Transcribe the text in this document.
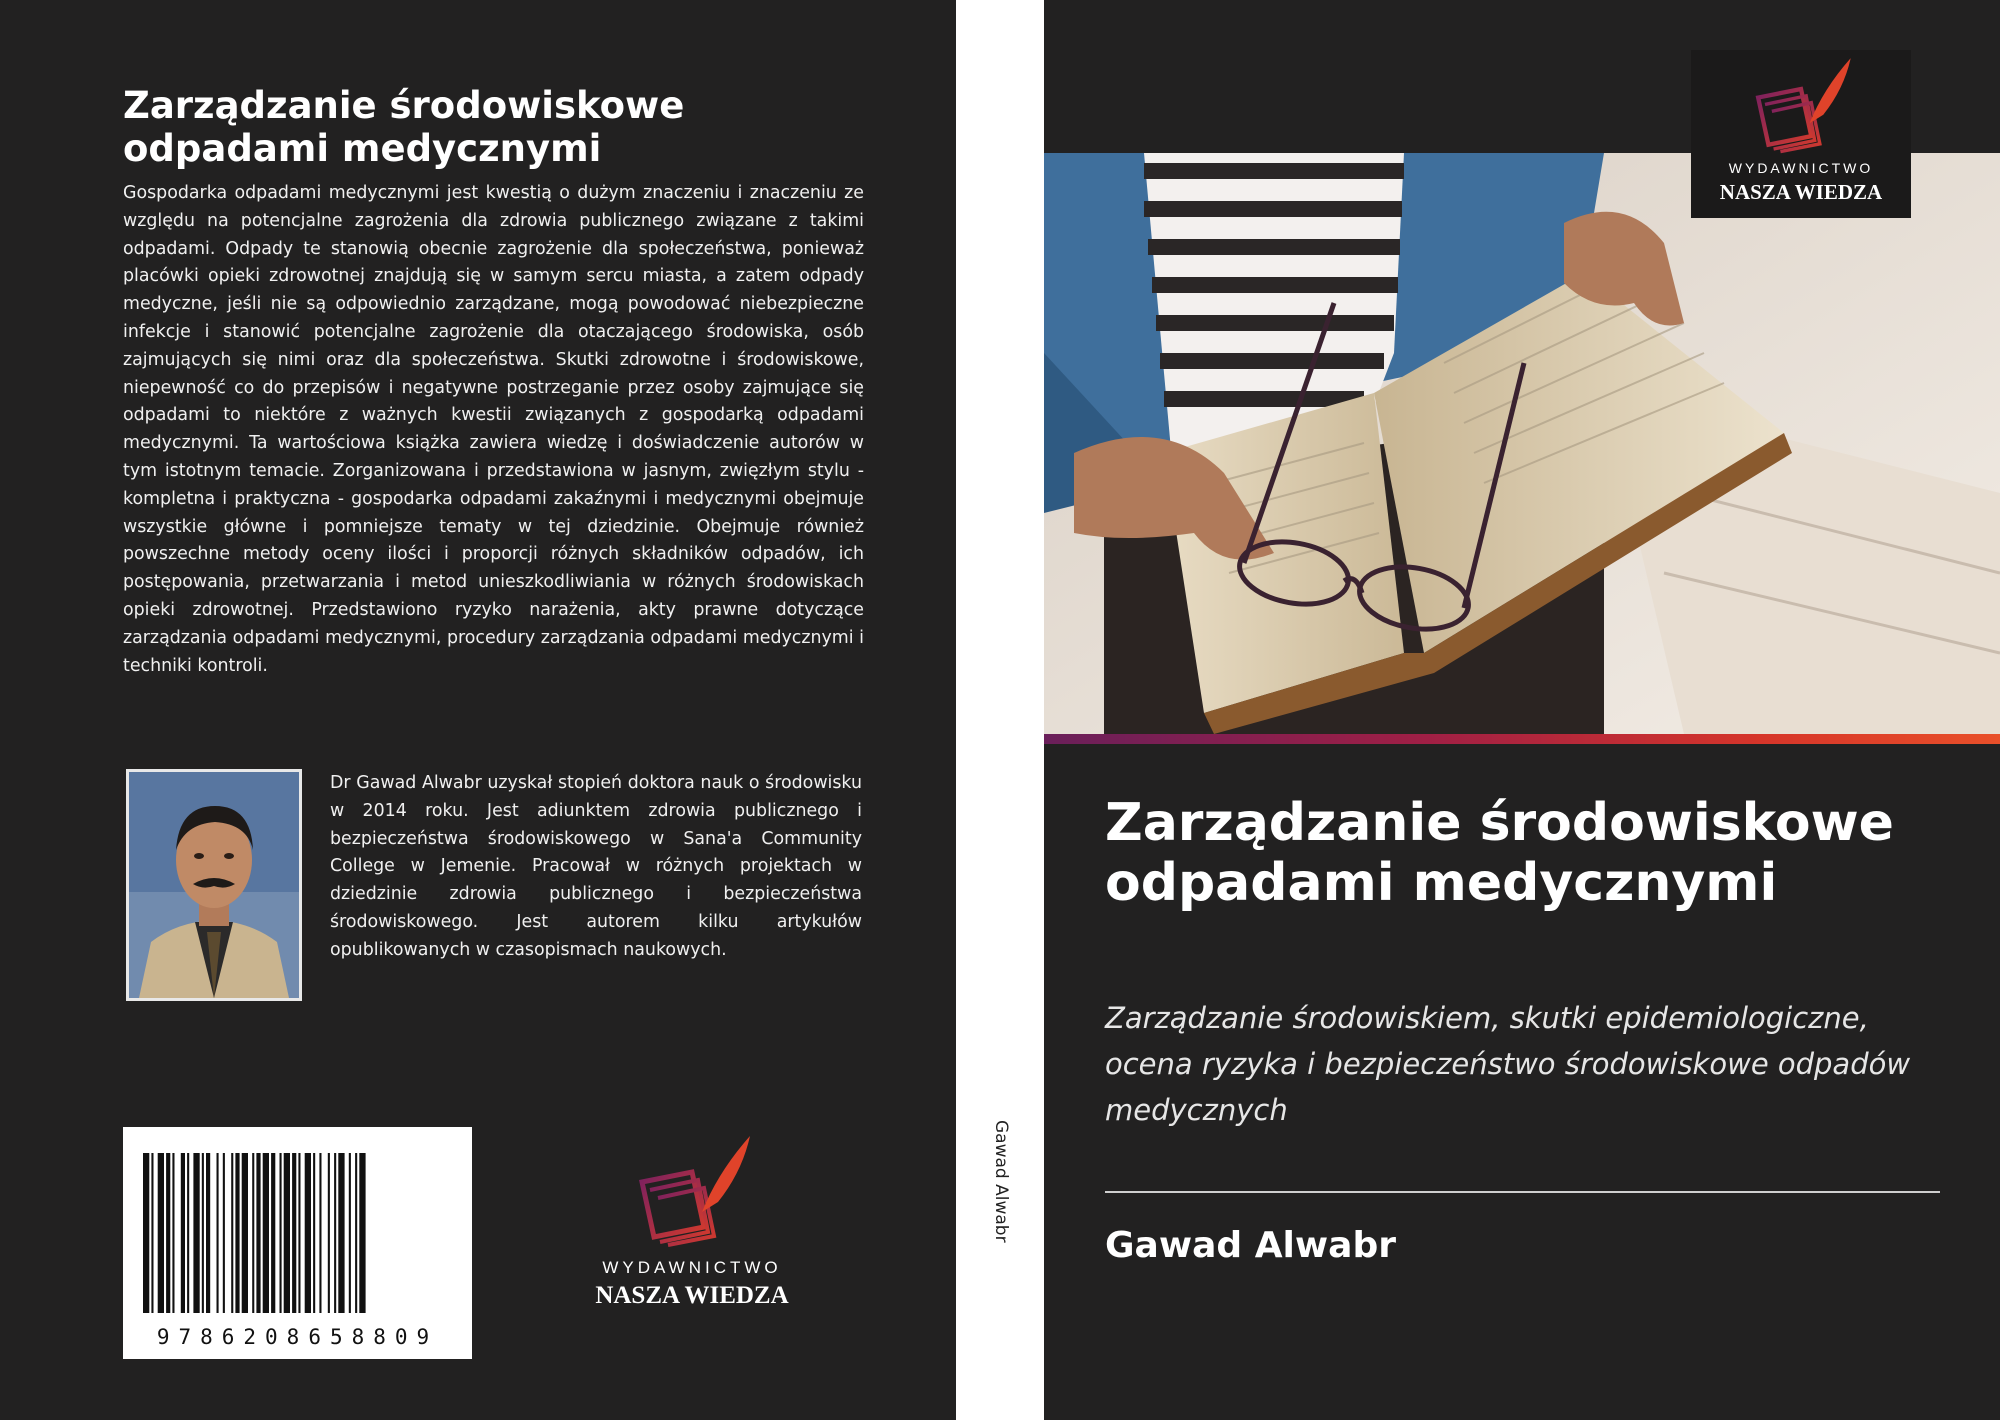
Zarządzanie środowiskowe odpadami medycznymi

Gospodarka odpadami medycznymi jest kwestią o dużym znaczeniu i znaczeniu ze względu na potencjalne zagrożenia dla zdrowia publicznego związane z takimi odpadami. Odpady te stanowią obecnie zagrożenie dla społeczeństwa, ponieważ placówki opieki zdrowotnej znajdują się w samym sercu miasta, a zatem odpady medyczne, jeśli nie są odpowiednio zarządzane, mogą powodować niebezpieczne infekcje i stanowić potencjalne zagrożenie dla otaczającego środowiska, osób zajmujących się nimi oraz dla społeczeństwa. Skutki zdrowotne i środowiskowe, niepewność co do przepisów i negatywne postrzeganie przez osoby zajmujące się odpadami to niektóre z ważnych kwestii związanych z gospodarką odpadami medycznymi. Ta wartościowa książka zawiera wiedzę i doświadczenie autorów w tym istotnym temacie. Zorganizowana i przedstawiona w jasnym, zwięzłym stylu - kompletna i praktyczna - gospodarka odpadami zakaźnymi i medycznymi obejmuje wszystkie główne i pomniejsze tematy w tej dziedzinie. Obejmuje również powszechne metody oceny ilości i proporcji różnych składników odpadów, ich postępowania, przetwarzania i metod unieszkodliwiania w różnych środowiskach opieki zdrowotnej. Przedstawiono ryzyko narażenia, akty prawne dotyczące zarządzania odpadami medycznymi, procedury zarządzania odpadami medycznymi i techniki kontroli.

Dr Gawad Alwabr uzyskał stopień doktora nauk o środowisku w 2014 roku. Jest adiunktem zdrowia publicznego i bezpieczeństwa środowiskowego w Sana'a Community College w Jemenie. Pracował w różnych projektach w dziedzinie zdrowia publicznego i bezpieczeństwa środowiskowego. Jest autorem kilku artykułów opublikowanych w czasopismach naukowych.

9786208658809
WYDAWNICTWO
NASZA WIEDZA
Gawad Alwabr
WYDAWNICTWO
NASZA WIEDZA
Zarządzanie środowiskowe odpadami medycznymi

Zarządzanie środowiskiem, skutki epidemiologiczne, ocena ryzyka i bezpieczeństwo środowiskowe odpadów medycznych

Gawad Alwabr
